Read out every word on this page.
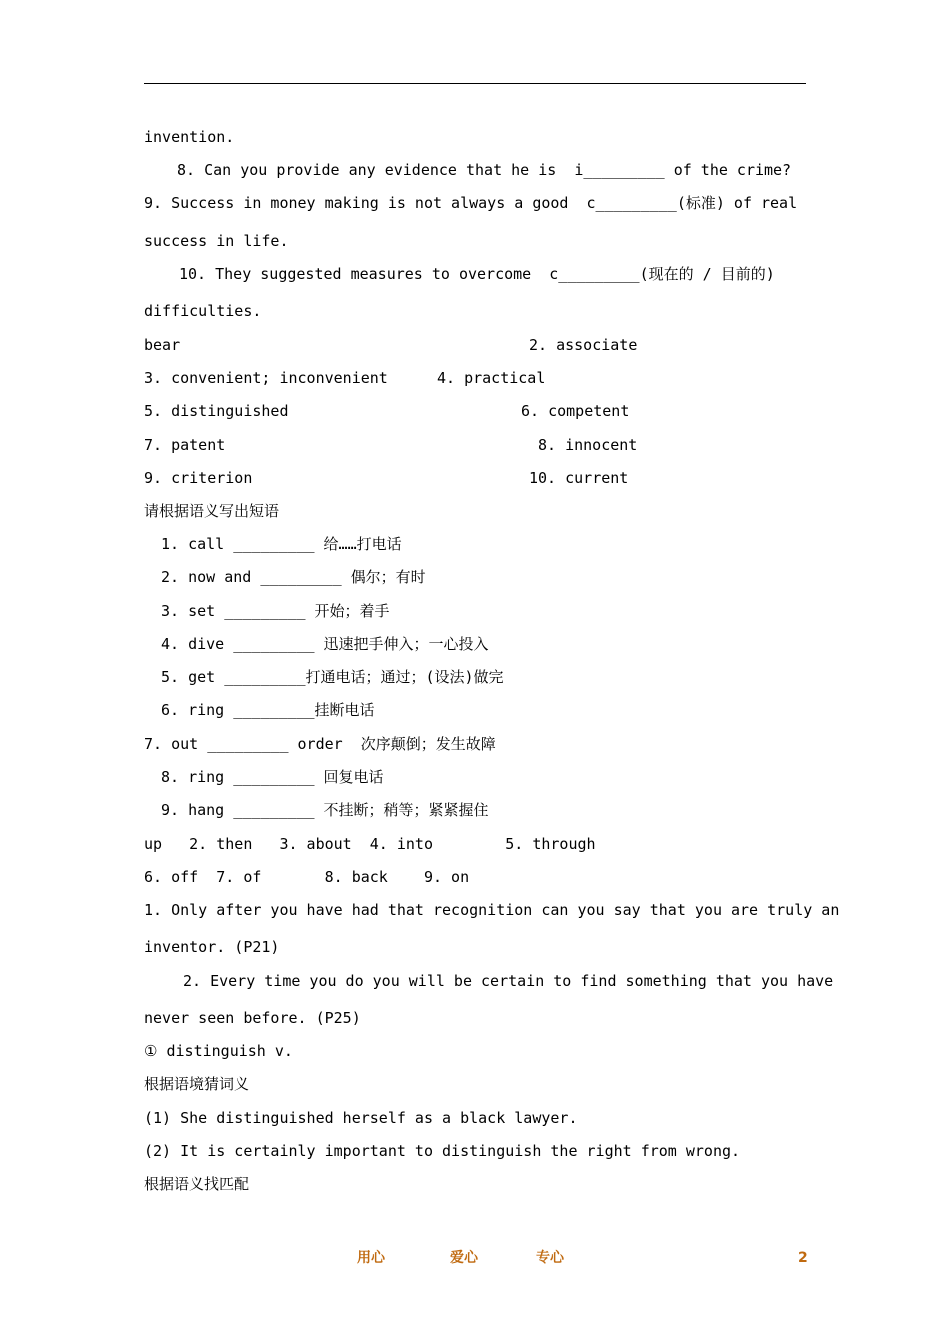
invention.
8. Can you provide any evidence that he is  i_________ of the crime?
9. Success in money making is not always a good  c_________(标准) of real
success in life.
10. They suggested measures to overcome  c_________(现在的 / 目前的)
difficulties.
bear	2. associate
3. convenient; inconvenient	4. practical
5. distinguished	6. competent
7. patent	8. innocent
9. criterion	10. current
请根据语义写出短语
1. call _________ 给……打电话
2. now and _________ 偶尔；有时
3. set _________ 开始；着手
4. dive _________ 迅速把手伸入；一心投入
5. get _________打通电话；通过；(设法)做完
6. ring _________挂断电话
7. out _________ order  次序颠倒；发生故障
8. ring _________ 回复电话
9. hang _________ 不挂断；稍等；紧紧握住
up   2. then   3. about  4. into        5. through
6. off  7. of       8. back    9. on
1. Only after you have had that recognition can you say that you are truly an
inventor. (P21)
2. Every time you do you will be certain to find something that you have
never seen before. (P25)
① distinguish v.
根据语境猜词义
(1) She distinguished herself as a black lawyer.
(2) It is certainly important to distinguish the right from wrong.
根据语义找匹配
用心	爱心	专心	2
